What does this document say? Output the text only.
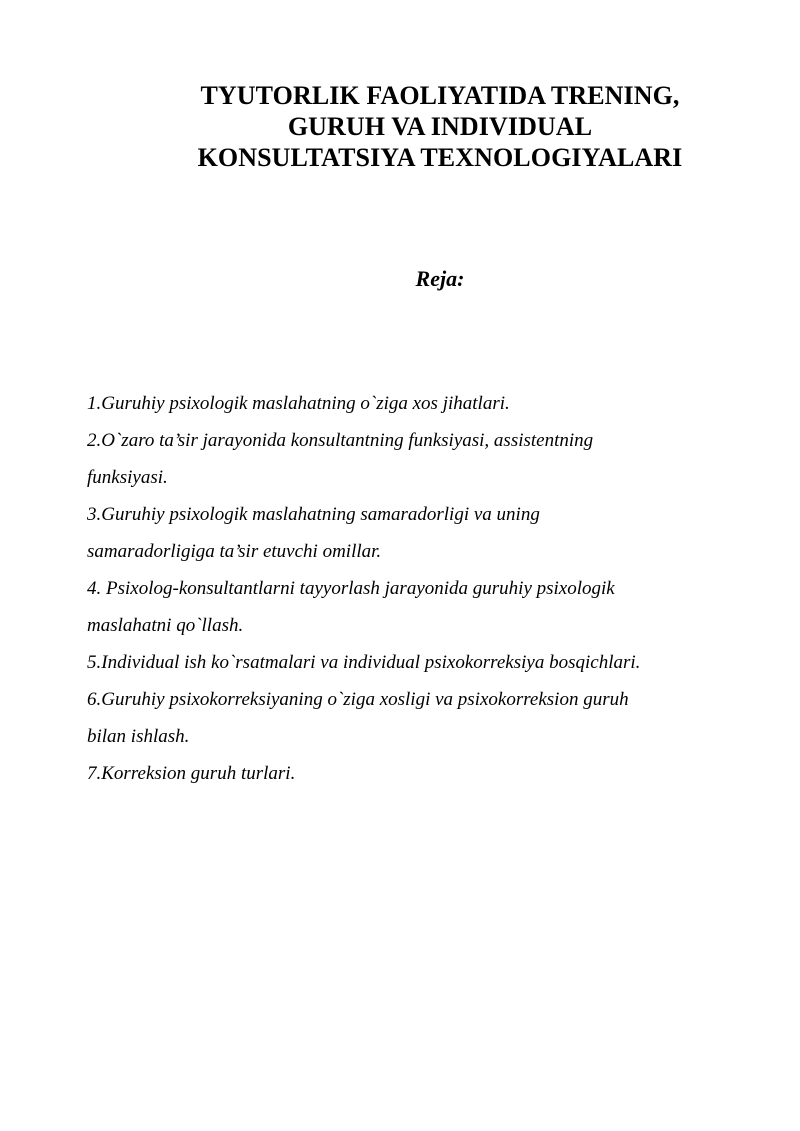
TYUTORLIK FAOLIYATIDA TRENING,
GURUH VA INDIVIDUAL
KONSULTATSIYA TEXNOLOGIYALARI
Reja:
1.Guruhiy psixologik maslahatning o`ziga xos jihatlari.
2.O`zaro ta’sir jarayonida konsultantning funksiyasi, assistentning
funksiyasi.
3.Guruhiy psixologik maslahatning samaradorligi va uning
samaradorligiga ta’sir etuvchi omillar.
4. Psixolog-konsultantlarni tayyorlash jarayonida guruhiy psixologik
maslahatni qo`llash.
5.Individual ish ko`rsatmalari va individual psixokorreksiya bosqichlari.
6.Guruhiy psixokorreksiyaning o`ziga xosligi va psixokorreksion guruh
bilan ishlash.
7.Korreksion guruh turlari.
